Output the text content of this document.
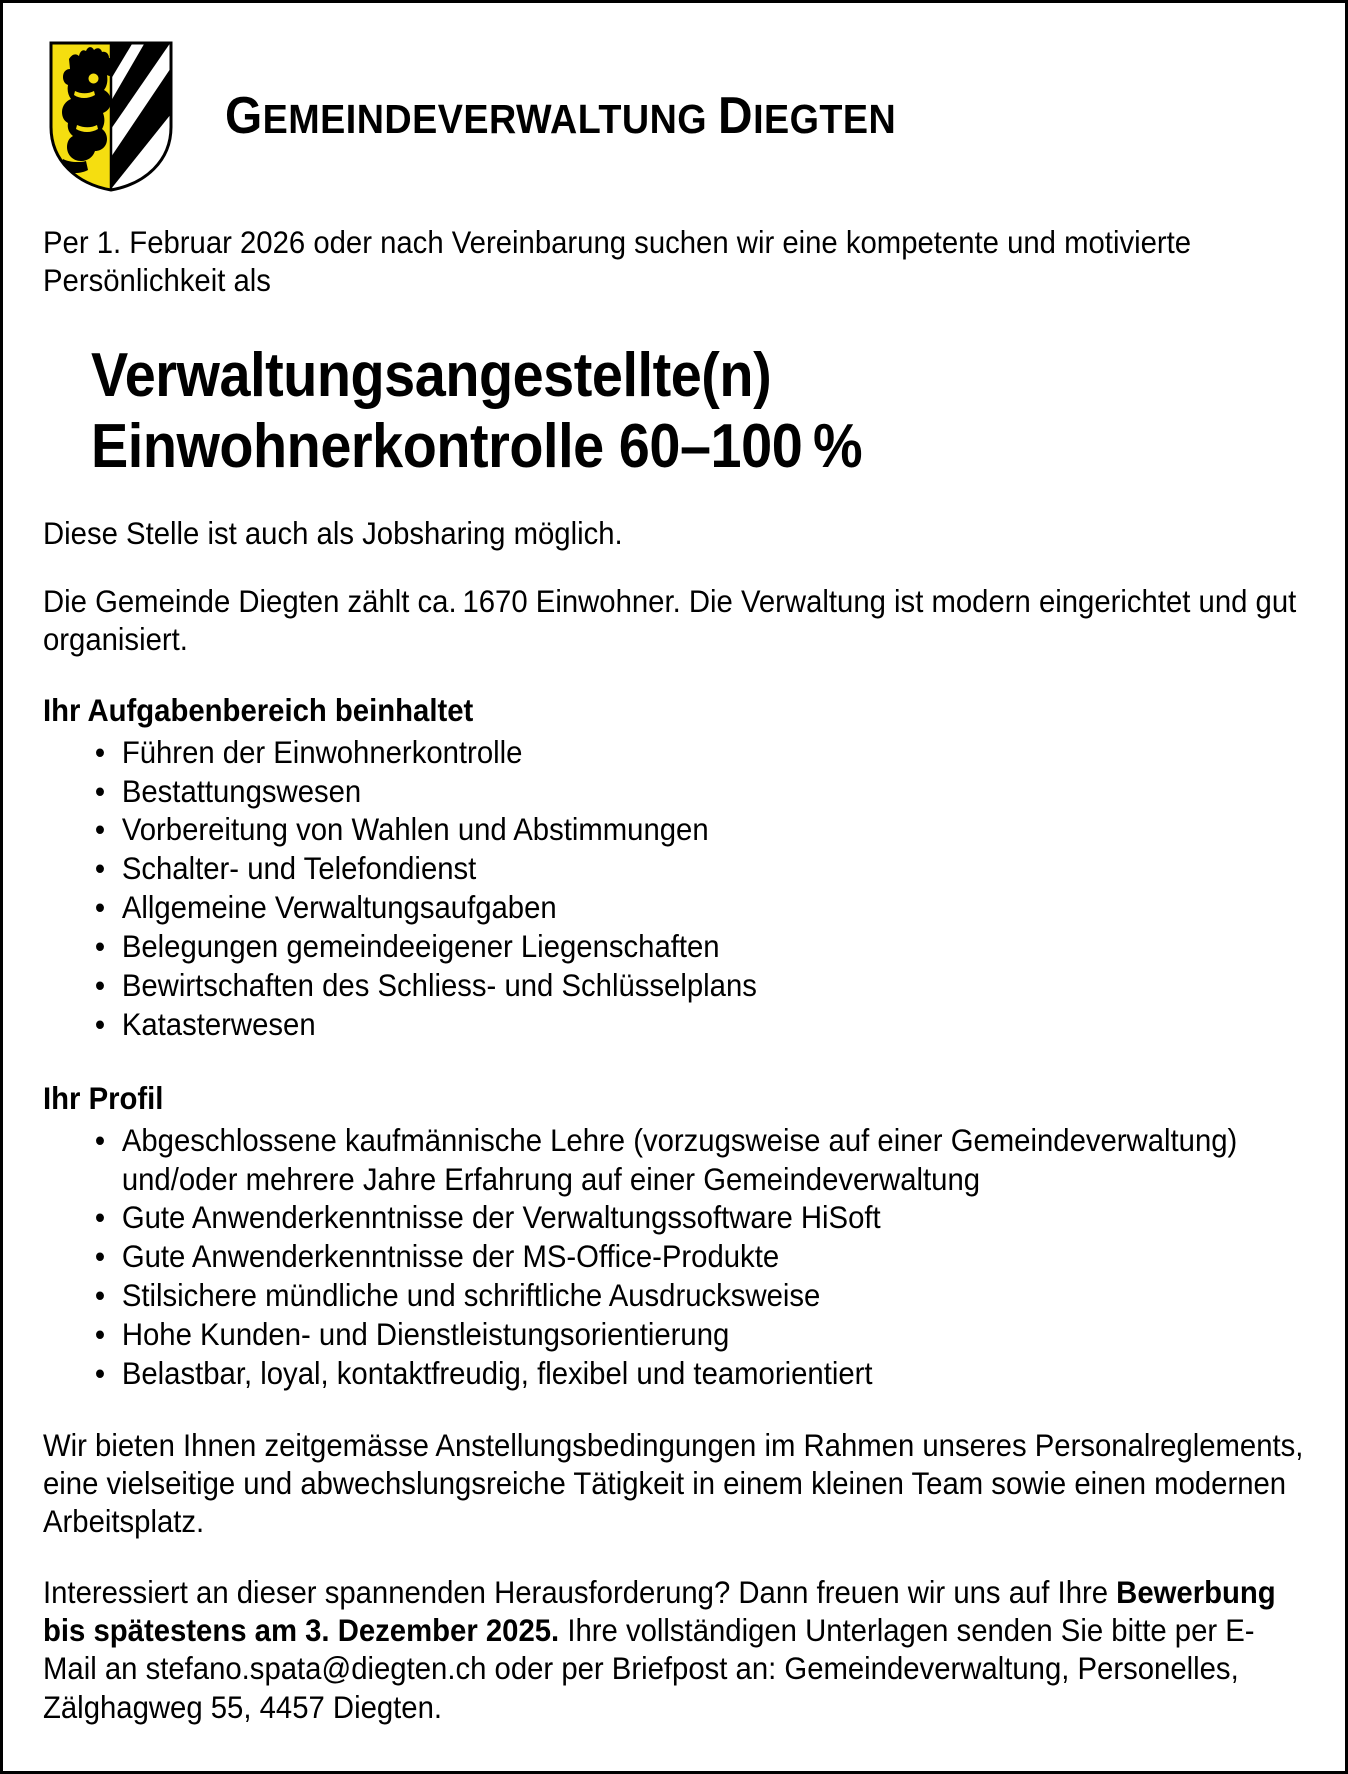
GEMEINDEVERWALTUNG DIEGTEN

Per 1. Februar 2026 oder nach Vereinbarung suchen wir eine kompetente und motivierte Persönlichkeit als

Verwaltungsangestellte(n)
Einwohnerkontrolle 60–100 %

Diese Stelle ist auch als Jobsharing möglich.

Die Gemeinde Diegten zählt ca. 1670 Einwohner. Die Verwaltung ist modern eingerichtet und gut organisiert.

Ihr Aufgabenbereich beinhaltet
• Führen der Einwohnerkontrolle
• Bestattungswesen
• Vorbereitung von Wahlen und Abstimmungen
• Schalter- und Telefondienst
• Allgemeine Verwaltungsaufgaben
• Belegungen gemeindeeigener Liegenschaften
• Bewirtschaften des Schliess- und Schlüsselplans
• Katasterwesen
Ihr Profil
• Abgeschlossene kaufmännische Lehre (vorzugsweise auf einer Gemeindeverwaltung) und/oder mehrere Jahre Erfahrung auf einer Gemeindeverwaltung
• Gute Anwenderkenntnisse der Verwaltungssoftware HiSoft
• Gute Anwenderkenntnisse der MS-Office-Produkte
• Stilsichere mündliche und schriftliche Ausdrucksweise
• Hohe Kunden- und Dienstleistungsorientierung
• Belastbar, loyal, kontaktfreudig, flexibel und teamorientiert

Wir bieten Ihnen zeitgemässe Anstellungsbedingungen im Rahmen unseres Personalreglements, eine vielseitige und abwechslungsreiche Tätigkeit in einem kleinen Team sowie einen modernen Arbeitsplatz.

Interessiert an dieser spannenden Herausforderung? Dann freuen wir uns auf Ihre Bewerbung bis spätestens am 3. Dezember 2025. Ihre vollständigen Unterlagen senden Sie bitte per E-Mail an stefano.spata@diegten.ch oder per Briefpost an: Gemeindeverwaltung, Personelles, Zälghagweg 55, 4457 Diegten.
